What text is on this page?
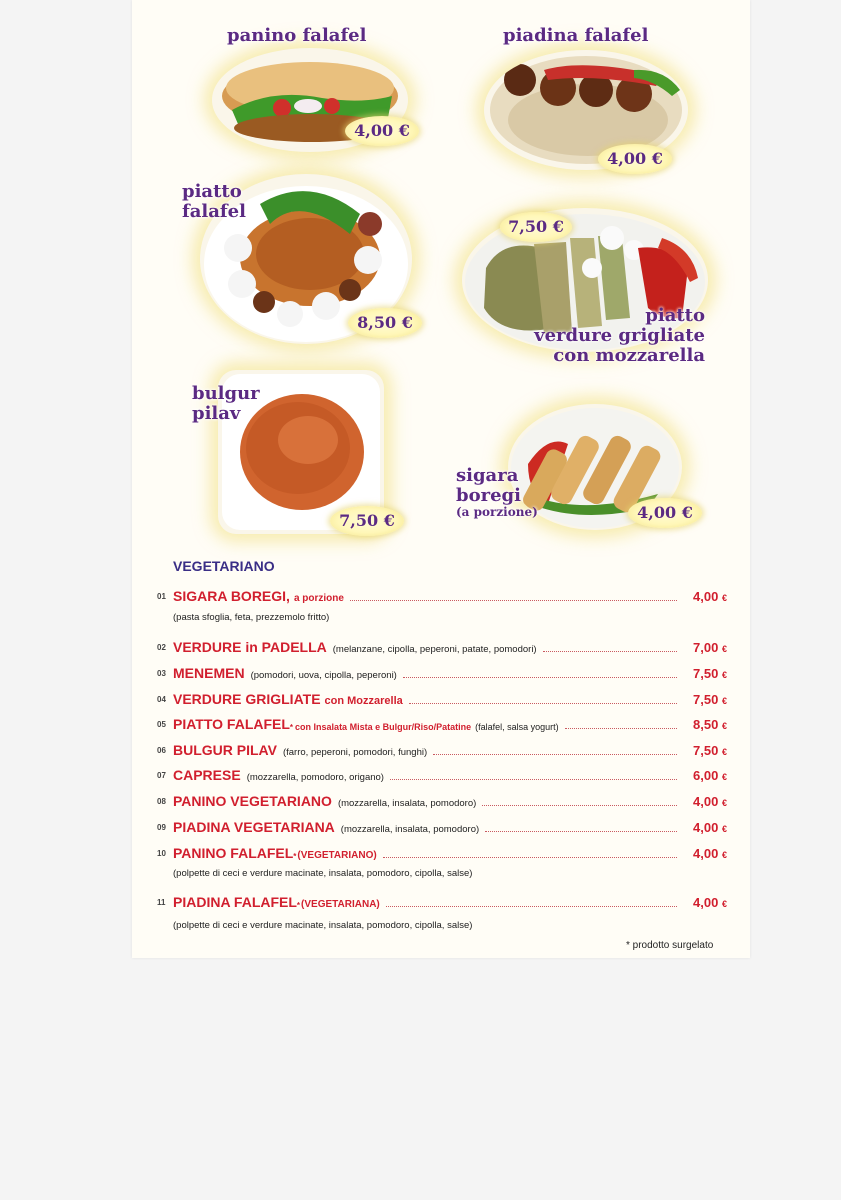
panino falafel
4,00 €
piadina falafel
4,00 €
piatto
falafel
8,50 €
7,50 €
piatto
verdure grigliate
con mozzarella
bulgur
pilav
7,50 €
sigara
boregi
(a porzione)	4,00 €
VEGETARIANO
01 SIGARA BOREGI, a porzione	4,00 €
(pasta sfoglia, feta, prezzemolo fritto)
02 VERDURE in PADELLA (melanzane, cipolla, peperoni, patate, pomodori)	7,00 €
03 MENEMEN (pomodori, uova, cipolla, peperoni)	7,50 €
04 VERDURE GRIGLIATE con Mozzarella	7,50 €
05 PIATTO FALAFEL * con Insalata Mista e Bulgur/Riso/Patatine (falafel, salsa yogurt)	8,50 €
06 BULGUR PILAV (farro, peperoni, pomodori, funghi)	7,50 €
07 CAPRESE (mozzarella, pomodoro, origano)	6,00 €
08 PANINO VEGETARIANO (mozzarella, insalata, pomodoro)	4,00 €
09 PIADINA VEGETARIANA (mozzarella, insalata, pomodoro)	4,00 €
10 PANINO FALAFEL * (VEGETARIANO)	4,00 €
(polpette di ceci e verdure macinate, insalata, pomodoro, cipolla, salse)
11 PIADINA FALAFEL * (VEGETARIANA)	4,00 €
(polpette di ceci e verdure macinate, insalata, pomodoro, cipolla, salse)
* prodotto surgelato
